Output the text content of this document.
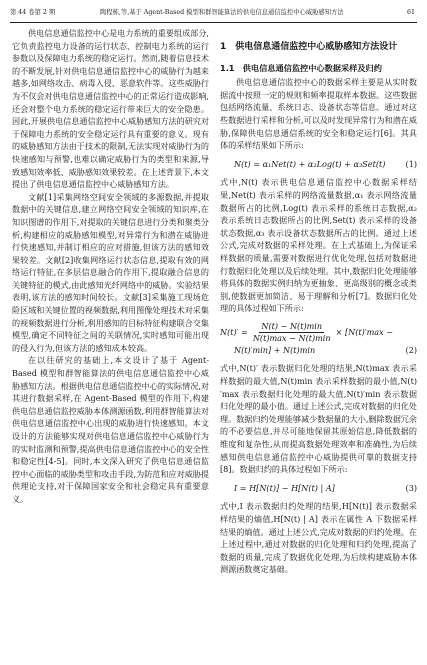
第 44 卷第 2 期	陶程栋,等,基于 Agent-Based 模型和群智能算法的供电信息通信监控中心威胁感知方法	61

供电信息通信监控中心是电力系统的重要组成部分,它负责监控电力设备的运行状态、控制电力系统的运行参数以及保障电力系统的稳定运行。然而,随着信息技术的不断发展,针对供电信息通信监控中心的威胁行为越来越多,如网络攻击、病毒入侵、恶意软件等。这些威胁行为不仅会对供电信息通信监控中心的正常运行造成影响,还会对整个电力系统的稳定运行带来巨大的安全隐患。因此,开展供电信息通信监控中心威胁感知方法的研究对于保障电力系统的安全稳定运行具有重要的意义。现有的威胁感知方法由于技术的限制,无法实现对威胁行为的快速感知与预警,也难以确定威胁行为的类型和来源,导致感知效率低、威胁感知效果较差。在上述背景下,本文提出了供电信息通信监控中心威胁感知方法。

文献[1]采集网络空间安全领域的多源数据,并提取数据中的关键信息,建立网络空间安全领域的知识库,在知识图谱的作用下,对提取的关键信息进行分类和聚类分析,构建相应的威胁感知模型,对异常行为和潜在威胁进行快速感知,并制订相应的应对措施,但该方法的感知效果较差。文献[2]收集网络运行状态信息,提取有效的网络运行特征,在多层信息融合的作用下,提取融合信息的关键特征的模式,由此感知光纤网络中的威胁。实验结果表明,该方法的感知时间较长。文献[3]采集施工现场危险区域和关键位置的视频数据,利用图像处理技术对采集的视频数据进行分析,利用感知的目标特征构建联合交集模型,确定不同特征之间的关联情况,实时感知可能出现的侵入行为,但该方法的感知成本较高。

在以往研究的基础上,本文设计了基于 Agent-Based 模型和群智能算法的供电信息通信监控中心威胁感知方法。根据供电信息通信监控中心的实际情况,对其进行数据采样,在 Agent-Based 模型的作用下,构建供电信息通信监控威胁本体测源函数,利用群智能算法对供电信息通信监控中心出现的威胁进行快速感知。本文设计的方法能够实现对供电信息通信监控中心威胁行为的实时监测和预警,提高供电信息通信监控中心的安全性和稳定性[4-5]。同时,本文深入研究了供电信息通信监控中心面临的威胁类型和攻击手段,为防范和应对威胁提供理论支持,对于保障国家安全和社会稳定具有重要意义。

1　供电信息通信监控中心威胁感知方法设计
1.1　供电信息通信监控中心数据采样及归约

供电信息通信监控中心的数据采样主要是从实时数据流中按照一定的规则和频率提取样本数据。这些数据包括网络流量、系统日志、设备状态等信息。通过对这些数据进行采样和分析,可以及时发现异常行为和潜在威胁,保障供电信息通信系统的安全和稳定运行[6]。其具体的采样结果如下所示:

N(t) = α₁Net(t) + α₂Log(t) + α₃Set(t) (1)

式中,N(t) 表示供电信息通信监控中心数据采样结果,Net(t) 表示采样的网络流量数据,α₁ 表示网络流量数据所占的比例,Log(t) 表示采样的系统日志数据,α₂ 表示系统日志数据所占的比例,Set(t) 表示采样的设备状态数据,α₃ 表示设备状态数据所占的比例。通过上述公式,完成对数据的采样处理。在上式基础上,为保证采样数据的质量,需要对数据进行优化处理,包括对数据进行数据归化处理以及后续处理。其中,数据归化处理能够将具体的数据实例归纳为更抽象、更高级别的概念或类别,使数据更加简洁、易于理解和分析[7]。数据归化处理的具体过程如下所示:

$N(t)' = \frac{N(t) - N(t)\min}{N(t)\max - N(t)\min} \times [N(t)'\max$ −
N(t)′min] + N(t)min	(2)

式中,N(t)′ 表示数据归化处理的结果,N(t)max 表示采样数据的最大值,N(t)min 表示采样数据的最小值,N(t)′max 表示数据归化处理的最大值,N(t)′min 表示数据归化处理的最小值。通过上述公式,完成对数据的归化处理。数据归约处理能够减少数据量的大小,删除数据冗余的不必要信息,并尽可能地保留其原始信息,降低数据的维度和复杂性,从而提高数据处理效率和准确性,为后续感知供电信息通信监控中心威胁提供可靠的数据支持[8]。数据归约的具体过程如下所示:

I = H[N(t)] − H[N(t) | A]	(3)

式中,I 表示数据归约处理的结果,H[N(t)] 表示数据采样结果的熵值,H[N(t) | A] 表示在属性 A 下数据采样结果的熵值。通过上述公式,完成对数据的归约处理。在上述过程中,通过对数据的归化处理和归约处理,提高了数据的质量,完成了数据优化处理,为后续构建威胁本体测源函数奠定基础。
